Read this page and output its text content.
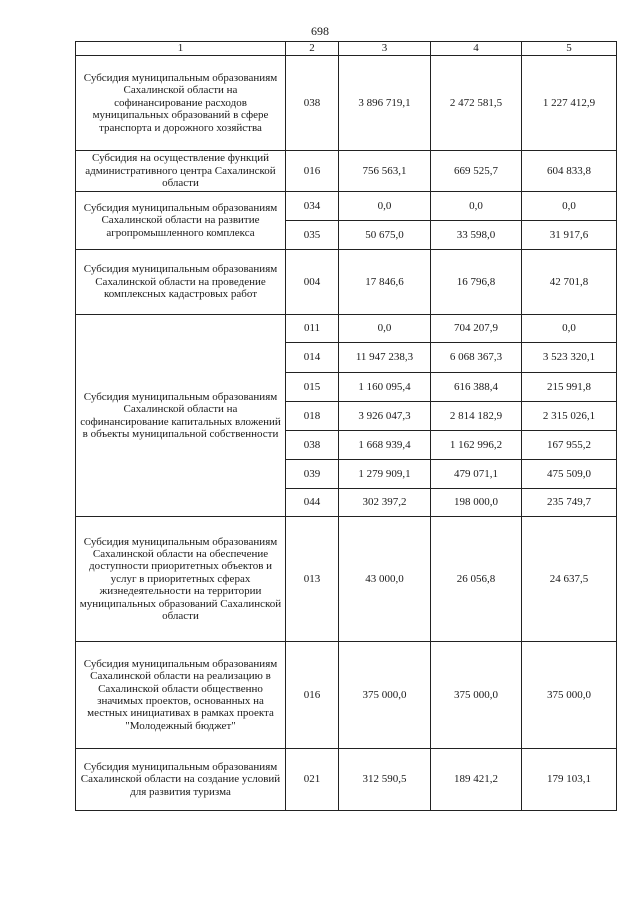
698
1	2	3	4	5
Субсидия муниципальным образованиям Сахалинской области на софинансирование расходов муниципальных образований в сфере транспорта и дорожного хозяйства	038	3 896 719,1	2 472 581,5	1 227 412,9
Субсидия на осуществление функций административного центра Сахалинской области	016	756 563,1	669 525,7	604 833,8
Субсидия муниципальным образованиям Сахалинской области на развитие агропромышленного комплекса	034	0,0	0,0	0,0
	035	50 675,0	33 598,0	31 917,6
Субсидия муниципальным образованиям Сахалинской области на проведение комплексных кадастровых работ	004	17 846,6	16 796,8	42 701,8
Субсидия муниципальным образованиям Сахалинской области на софинансирование капитальных вложений в объекты муниципальной собственности	011	0,0	704 207,9	0,0
	014	11 947 238,3	6 068 367,3	3 523 320,1
	015	1 160 095,4	616 388,4	215 991,8
	018	3 926 047,3	2 814 182,9	2 315 026,1
	038	1 668 939,4	1 162 996,2	167 955,2
	039	1 279 909,1	479 071,1	475 509,0
	044	302 397,2	198 000,0	235 749,7
Субсидия муниципальным образованиям Сахалинской области на обеспечение доступности приоритетных объектов и услуг в приоритетных сферах жизнедеятельности на территории муниципальных образований Сахалинской области	013	43 000,0	26 056,8	24 637,5
Субсидия муниципальным образованиям Сахалинской области на реализацию в Сахалинской области общественно значимых проектов, основанных на местных инициативах в рамках проекта "Молодежный бюджет"	016	375 000,0	375 000,0	375 000,0
Субсидия муниципальным образованиям Сахалинской области на создание условий для развития туризма	021	312 590,5	189 421,2	179 103,1
